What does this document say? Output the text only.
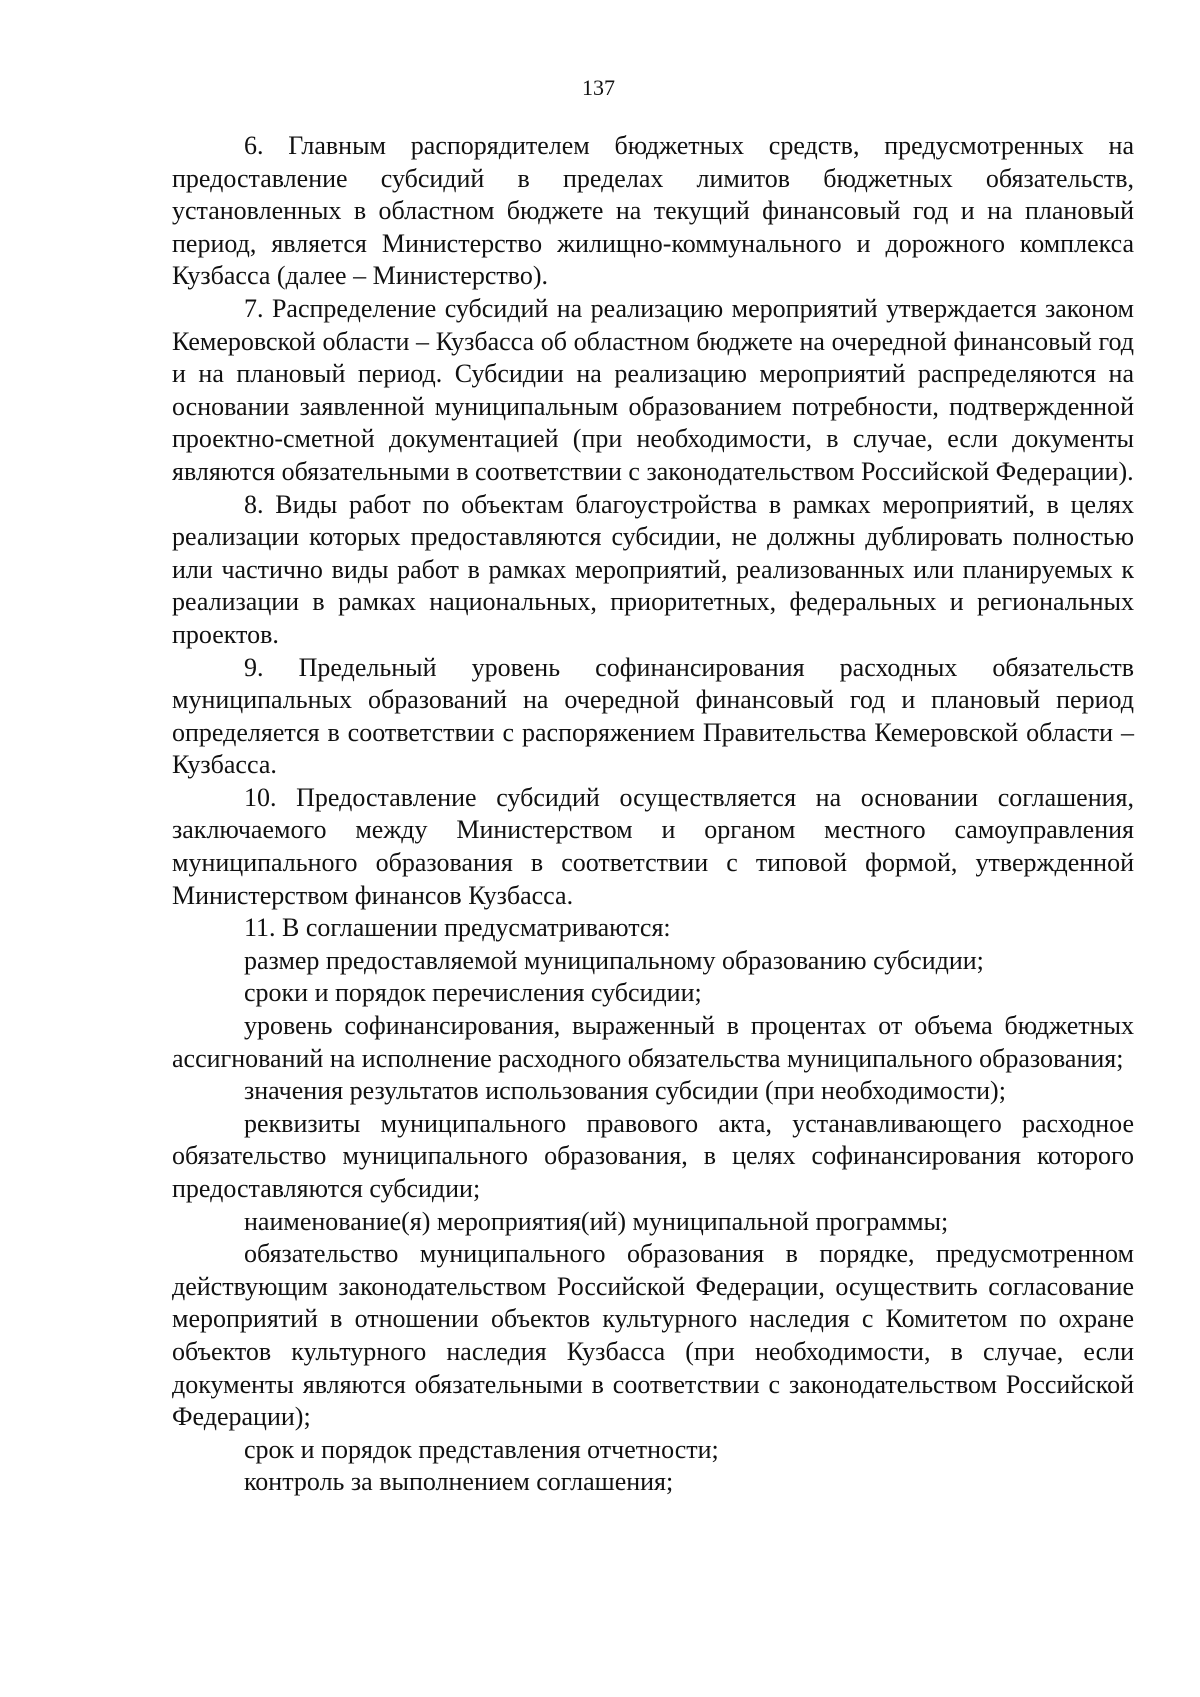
137

6. Главным распорядителем бюджетных средств, предусмотренных на предоставление субсидий в пределах лимитов бюджетных обязательств, установленных в областном бюджете на текущий финансовый год и на плановый период, является Министерство жилищно-коммунального и дорожного комплекса Кузбасса (далее – Министерство).

7. Распределение субсидий на реализацию мероприятий утверждается законом Кемеровской области – Кузбасса об областном бюджете на очередной финансовый год и на плановый период. Субсидии на реализацию мероприятий распределяются на основании заявленной муниципальным образованием потребности, подтвержденной проектно-сметной документацией (при необходимости, в случае, если документы являются обязательными в соответствии с законодательством Российской Федерации).

8. Виды работ по объектам благоустройства в рамках мероприятий, в целях реализации которых предоставляются субсидии, не должны дублировать полностью или частично виды работ в рамках мероприятий, реализованных или планируемых к реализации в рамках национальных, приоритетных, федеральных и региональных проектов.

9. Предельный уровень софинансирования расходных обязательств муниципальных образований на очередной финансовый год и плановый период определяется в соответствии с распоряжением Правительства Кемеровской области – Кузбасса.

10. Предоставление субсидий осуществляется на основании соглашения, заключаемого между Министерством и органом местного самоуправления муниципального образования в соответствии с типовой формой, утвержденной Министерством финансов Кузбасса.

11. В соглашении предусматриваются:

размер предоставляемой муниципальному образованию субсидии;

сроки и порядок перечисления субсидии;

уровень софинансирования, выраженный в процентах от объема бюджетных ассигнований на исполнение расходного обязательства муниципального образования;

значения результатов использования субсидии (при необходимости);

реквизиты муниципального правового акта, устанавливающего расходное обязательство муниципального образования, в целях софинансирования которого предоставляются субсидии;

наименование(я) мероприятия(ий) муниципальной программы;

обязательство муниципального образования в порядке, предусмотренном действующим законодательством Российской Федерации, осуществить согласование мероприятий в отношении объектов культурного наследия с Комитетом по охране объектов культурного наследия Кузбасса (при необходимости, в случае, если документы являются обязательными в соответствии с законодательством Российской Федерации);

срок и порядок представления отчетности;

контроль за выполнением соглашения;
